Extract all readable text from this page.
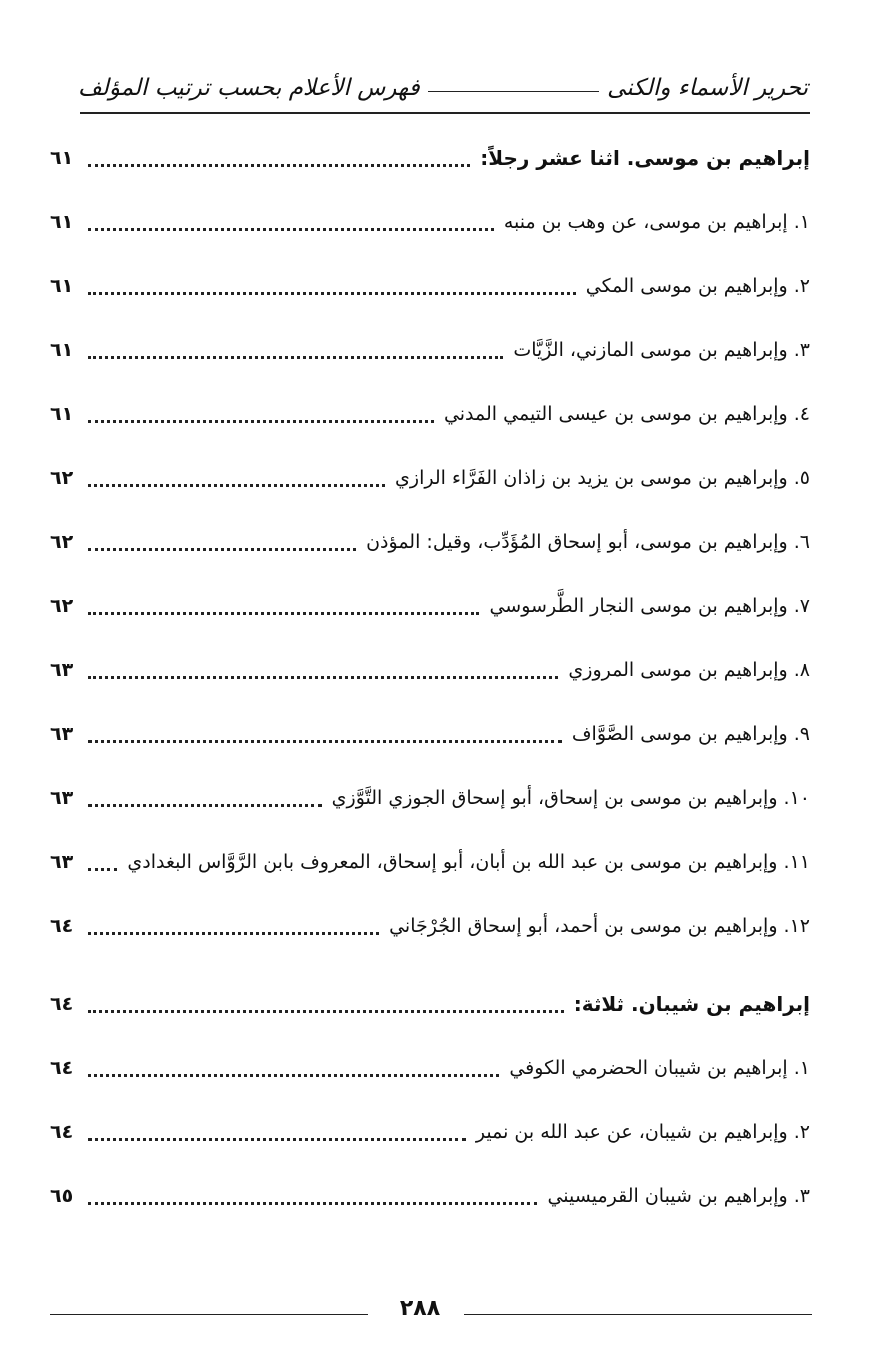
تحرير الأسماء والكنى
فهرس الأعلام بحسب ترتيب المؤلف
إبراهيم بن موسى. اثنا عشر رجلاً:
٦١
١. إبراهيم بن موسى، عن وهب بن منبه
٦١
٢. وإبراهيم بن موسى المكي
٦١
٣. وإبراهيم بن موسى المازني، الزَّيَّات
٦١
٤. وإبراهيم بن موسى بن عيسى التيمي المدني
٦١
٥. وإبراهيم بن موسى بن يزيد بن زاذان الفَرَّاء الرازي
٦٢
٦. وإبراهيم بن موسى، أبو إسحاق المُؤَدِّب، وقيل: المؤذن
٦٢
٧. وإبراهيم بن موسى النجار الطَّرسوسي
٦٢
٨. وإبراهيم بن موسى المروزي
٦٣
٩. وإبراهيم بن موسى الصَّوَّاف
٦٣
١٠. وإبراهيم بن موسى بن إسحاق، أبو إسحاق الجوزي التَّوَّزي
٦٣
١١. وإبراهيم بن موسى بن عبد الله بن أبان، أبو إسحاق، المعروف بابن الرَّوَّاس البغدادي
٦٣
١٢. وإبراهيم بن موسى بن أحمد، أبو إسحاق الجُرْجَاني
٦٤
إبراهيم بن شيبان. ثلاثة:
٦٤
١. إبراهيم بن شيبان الحضرمي الكوفي
٦٤
٢. وإبراهيم بن شيبان، عن عبد الله بن نمير
٦٤
٣. وإبراهيم بن شيبان القرميسيني
٦٥
٢٨٨
